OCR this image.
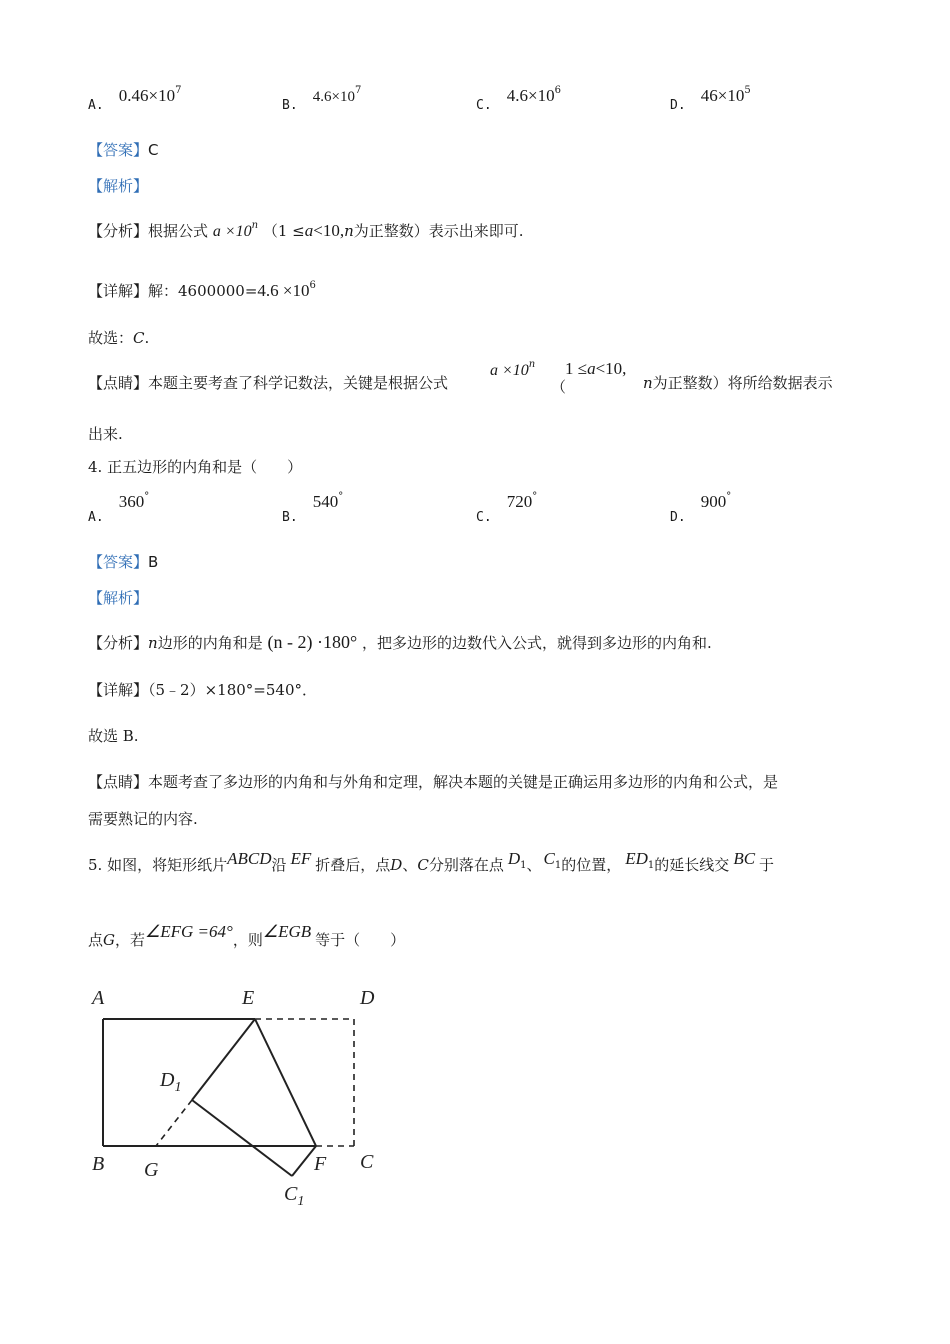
$_{A.}$ $0.46\times 10^7$
$_{B.}$ $4.6\times 10^7$
$_{C.}$ $4.6\times 10^6$
$_{D.}$ $46\times 10^5$
【答案】C
【解析】
【分析】根据公式 $a \times 10^n$ （1 ≤a<10,n为正整数）表示出来即可.
【详解】解：$4600000=4.6 \times 10^6$
故选：C.
【点睛】本题主要考查了科学记数法，关键是根据公式
$a \times 10^n$
（
1 ≤a<10,
n为正整数）将所给数据表示
出来.
4. 正五边形的内角和是（　　）
$_{A.}$ 360°
$_{B.}$ 540°
$_{C.}$ 720°
$_{D.}$ 900°
【答案】B
【解析】
【分析】n边形的内角和是 (n - 2) ·180° ，把多边形的边数代入公式，就得到多边形的内角和.
【详解】（5﹣2）×180°=540°．
故选 B.
【点睛】本题考查了多边形的内角和与外角和定理，解决本题的关键是正确运用多边形的内角和公式，是
需要熟记的内容.
5. 如图，将矩形纸片ABCD沿 EF 折叠后，点D、C分别落在点 D1、 C1的位置， ED1的延长线交 BC 于
点G，若∠EFG =64°，则∠EGB 等于（　　）
A	E	D
$D_1$
B G	F C
$C_1$
